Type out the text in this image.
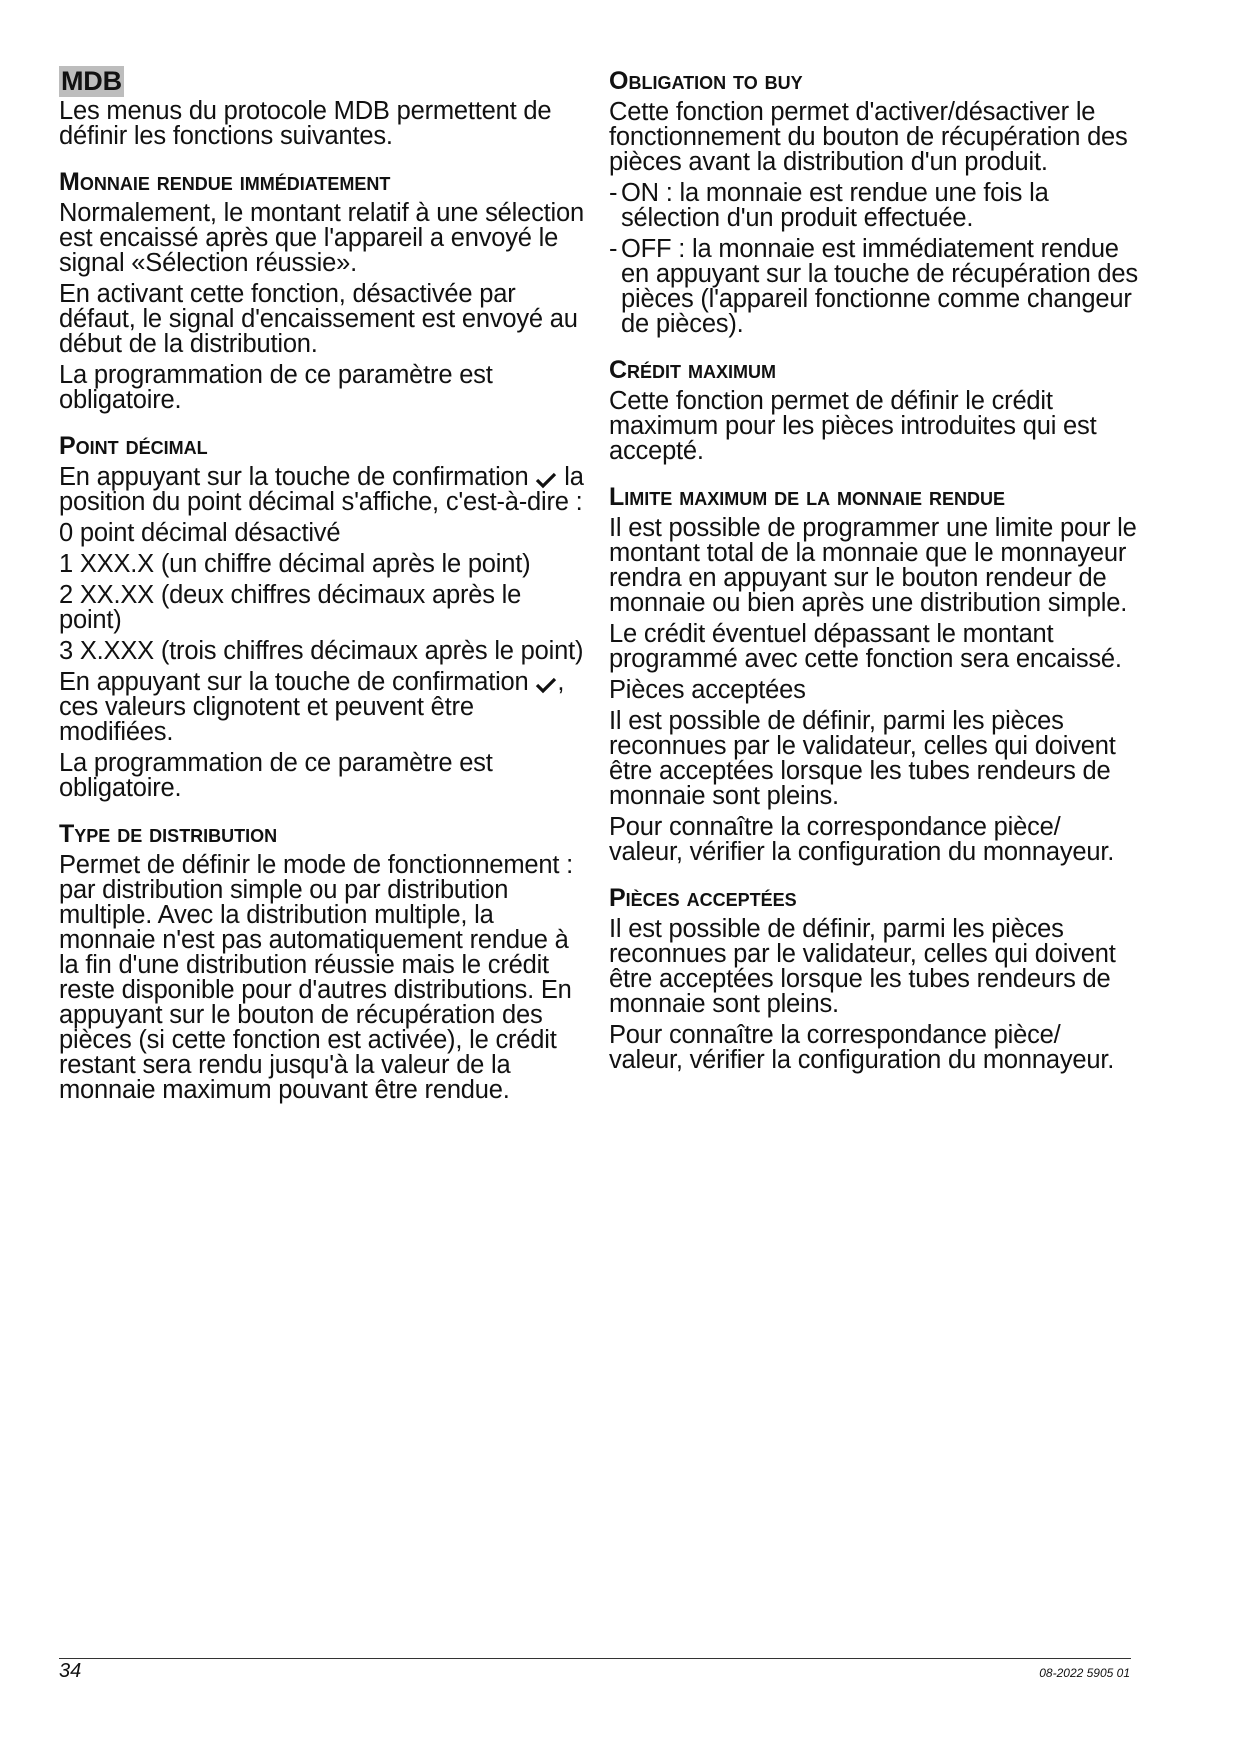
MDB

Les menus du protocole MDB permettent de définir les fonctions suivantes.

Monnaie rendue immédiatement

Normalement, le montant relatif à une sélection est encaissé après que l'appareil a envoyé le signal «Sélection réussie».

En activant cette fonction, désactivée par défaut, le signal d'encaissement est envoyé au début de la distribution.

La programmation de ce paramètre est obligatoire.

Point décimal

En appuyant sur la touche de confirmation  la position du point décimal s'affiche, c'est-à-dire :

0 point décimal désactivé

1 XXX.X (un chiffre décimal après le point)

2 XX.XX (deux chiffres décimaux après le point)

3 X.XXX (trois chiffres décimaux après le point)

En appuyant sur la touche de confirmation , ces valeurs clignotent et peuvent être modifiées.

La programmation de ce paramètre est obligatoire.

Type de distribution

Permet de définir le mode de fonctionnement : par distribution simple ou par distribution multiple. Avec la distribution multiple, la monnaie n'est pas automatiquement rendue à la fin d'une distribution réussie mais le crédit reste disponible pour d'autres distributions. En appuyant sur le bouton de récupération des pièces (si cette fonction est activée), le crédit restant sera rendu jusqu'à la valeur de la monnaie maximum pouvant être rendue.

Obligation to buy

Cette fonction permet d'activer/désactiver le fonctionnement du bouton de récupération des pièces avant la distribution d'un produit.

- ON : la monnaie est rendue une fois la sélection d'un produit effectuée.
- OFF : la monnaie est immédiatement rendue en appuyant sur la touche de récupération des pièces (l'appareil fonctionne comme changeur de pièces).
Crédit maximum

Cette fonction permet de définir le crédit maximum pour les pièces introduites qui est accepté.

Limite maximum de la monnaie rendue

Il est possible de programmer une limite pour le montant total de la monnaie que le monnayeur rendra en appuyant sur le bouton rendeur de monnaie ou bien après une distribution simple.

Le crédit éventuel dépassant le montant programmé avec cette fonction sera encaissé.

Pièces acceptées

Il est possible de définir, parmi les pièces reconnues par le validateur, celles qui doivent être acceptées lorsque les tubes rendeurs de monnaie sont pleins.

Pour connaître la correspondance pièce/ valeur, vérifier la configuration du monnayeur.

Pièces acceptées

Il est possible de définir, parmi les pièces reconnues par le validateur, celles qui doivent être acceptées lorsque les tubes rendeurs de monnaie sont pleins.

Pour connaître la correspondance pièce/ valeur, vérifier la configuration du monnayeur.

34	08-2022 5905 01
